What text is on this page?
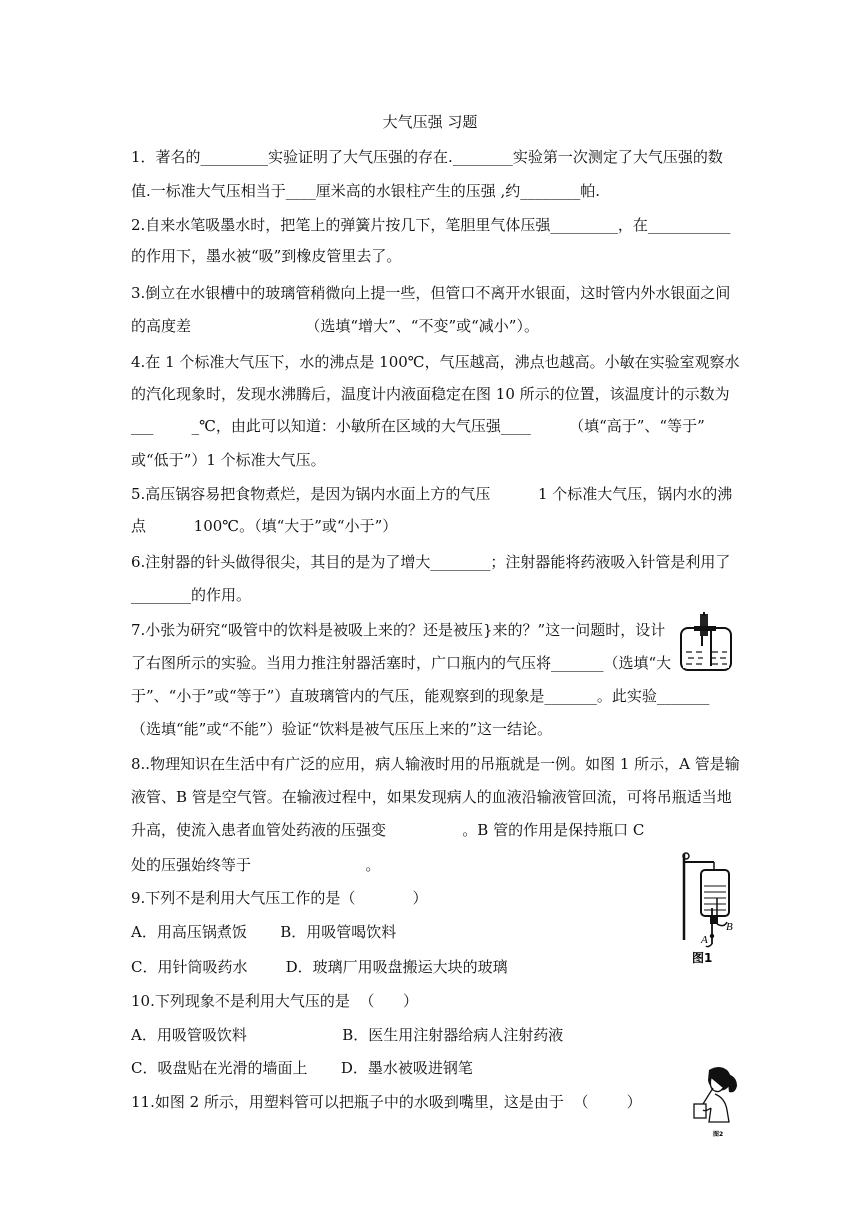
大气压强 习题
1．著名的_________实验证明了大气压强的存在.________实验第一次测定了大气压强的数
值.一标准大气压相当于____厘米高的水银柱产生的压强 ,约________帕.
2.自来水笔吸墨水时，把笔上的弹簧片按几下，笔胆里气体压强_________，在___________
的作用下，墨水被“吸”到橡皮管里去了。
3.倒立在水银槽中的玻璃管稍微向上提一些，但管口不离开水银面，这时管内外水银面之间
的高度差                        （选填“增大”、“不变”或“减小”）。
4.在 1 个标准大气压下，水的沸点是 100℃，气压越高，沸点也越高。小敏在实验室观察水
的汽化现象时，发现水沸腾后，温度计内液面稳定在图 10 所示的位置，该温度计的示数为
___        _℃，由此可以知道：小敏所在区域的大气压强____        （填“高于”、“等于”
或“低于”）1 个标准大气压。
5.高压锅容易把食物煮烂，是因为锅内水面上方的气压          1 个标准大气压，锅内水的沸
点          100℃。（填“大于”或“小于”）
6.注射器的针头做得很尖，其目的是为了增大________；注射器能将药液吸入针管是利用了
________的作用。
7.小张为研究“吸管中的饮料是被吸上来的？还是被压}来的？”这一问题时，设计
了右图所示的实验。当用力推注射器活塞时，广口瓶内的气压将_______（选填“大
于”、“小于”或“等于”）直玻璃管内的气压，能观察到的现象是_______。此实验_______
（选填“能”或“不能”）验证“饮料是被气压压上来的”这一结论。
8..物理知识在生活中有广泛的应用，病人输液时用的吊瓶就是一例。如图 1 所示，A 管是输
液管、B 管是空气管。在输液过程中，如果发现病人的血液沿输液管回流，可将吊瓶适当地
升高，使流入患者血管处药液的压强变                。B 管的作用是保持瓶口 C
处的压强始终等于                        。
9.下列不是利用大气压工作的是（            ）
A．用高压锅煮饭       B．用吸管喝饮料
C．用针筒吸药水        D．玻璃厂用吸盘搬运大块的玻璃
10.下列现象不是利用大气压的是  （      ）
A．用吸管吸饮料                    B．医生用注射器给病人注射药液
C．吸盘贴在光滑的墙面上       D．墨水被吸进钢笔
11.如图 2 所示，用塑料管可以把瓶子中的水吸到嘴里，这是由于  （        ）
A
B
图1
图2
